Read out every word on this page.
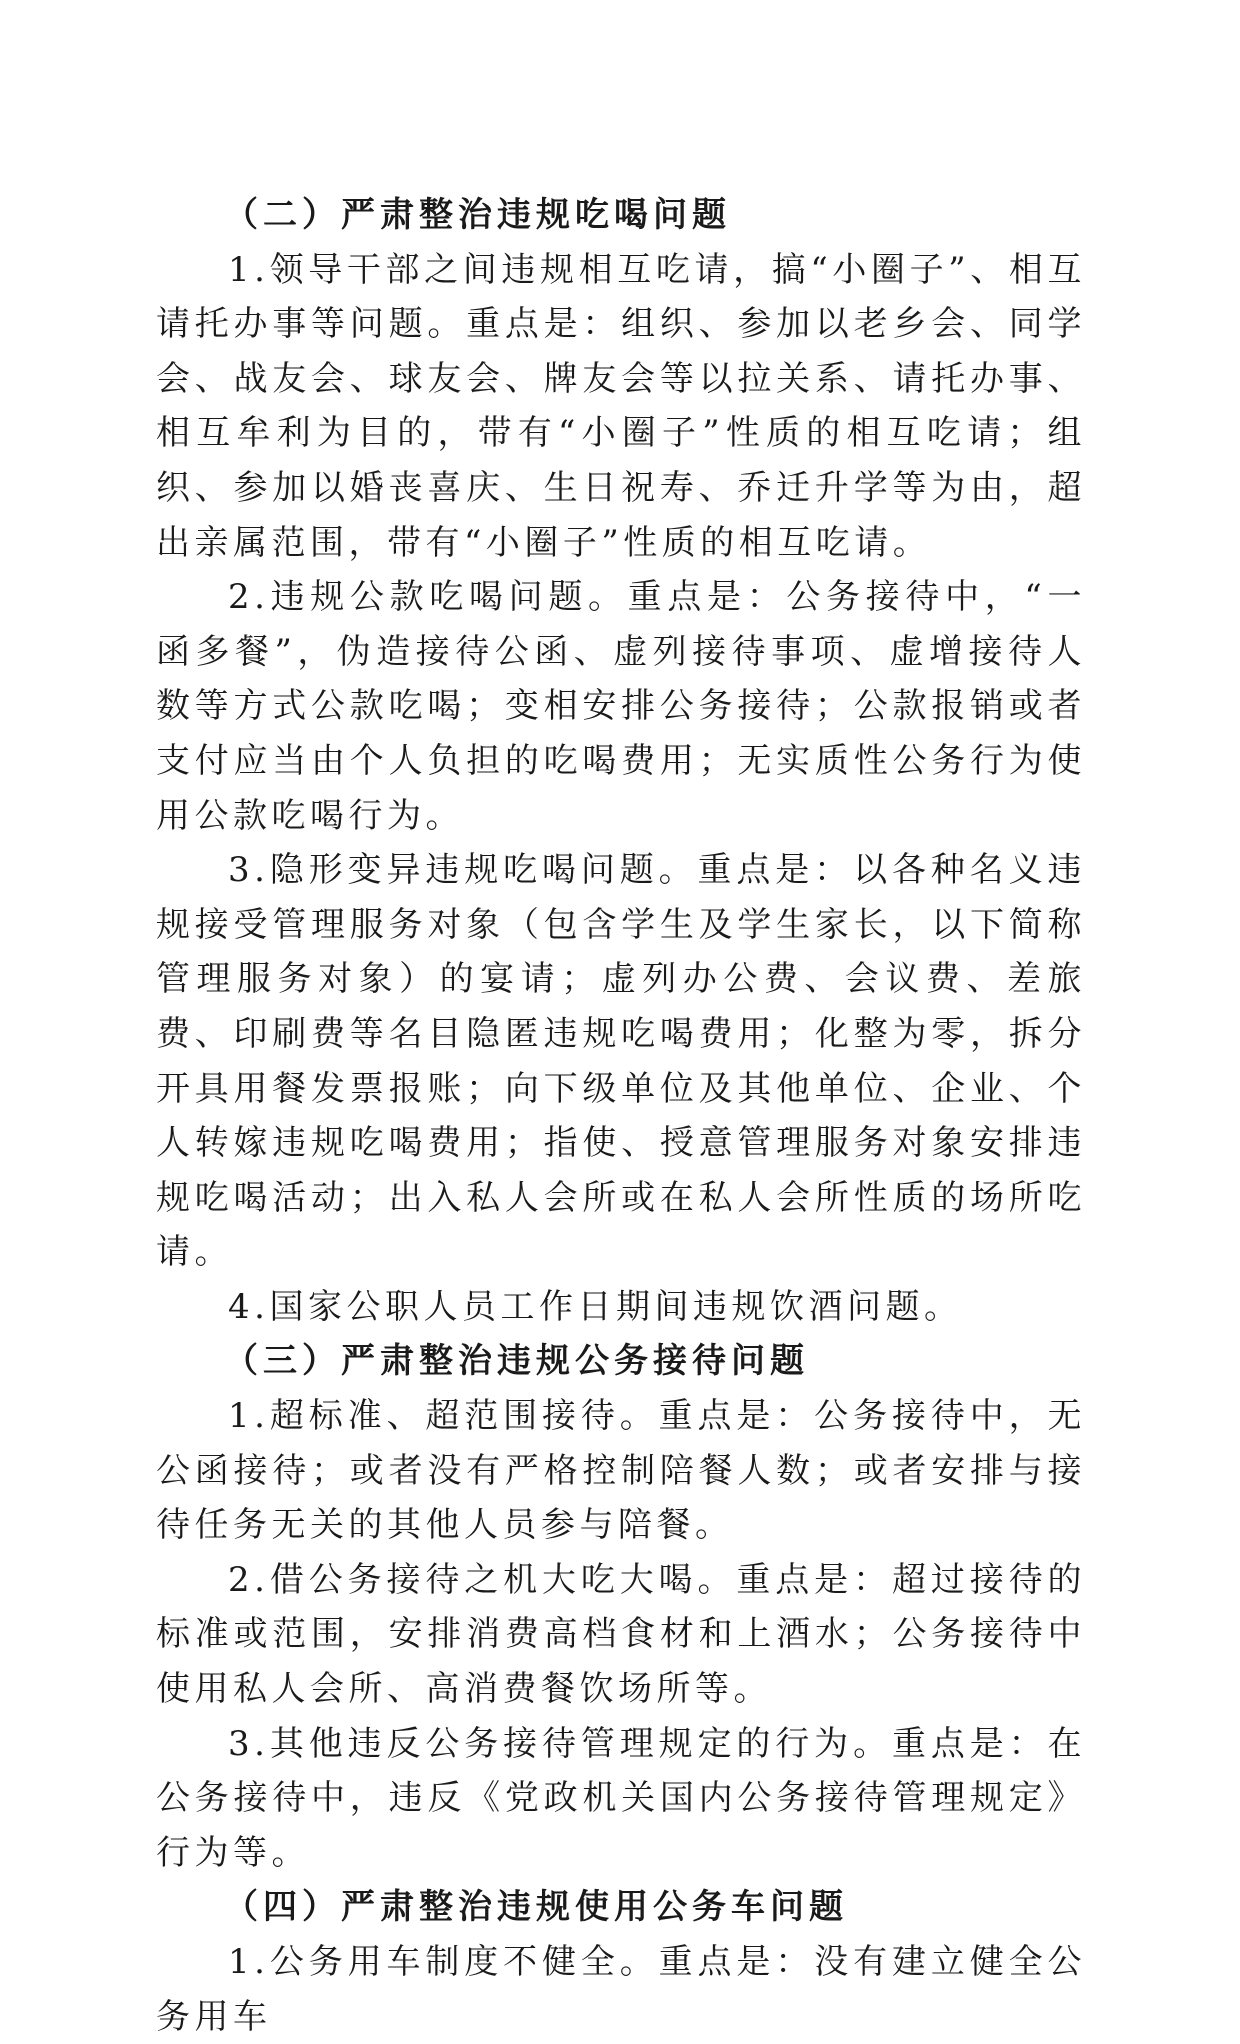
（二）严肃整治违规吃喝问题

1.领导干部之间违规相互吃请，搞“小圈子”、相互请托办事等问题。重点是：组织、参加以老乡会、同学会、战友会、球友会、牌友会等以拉关系、请托办事、相互牟利为目的，带有“小圈子”性质的相互吃请；组织、参加以婚丧喜庆、生日祝寿、乔迁升学等为由，超出亲属范围，带有“小圈子”性质的相互吃请。

2.违规公款吃喝问题。重点是：公务接待中，“一函多餐”，伪造接待公函、虚列接待事项、虚增接待人数等方式公款吃喝；变相安排公务接待；公款报销或者支付应当由个人负担的吃喝费用；无实质性公务行为使用公款吃喝行为。

3.隐形变异违规吃喝问题。重点是：以各种名义违规接受管理服务对象（包含学生及学生家长，以下简称管理服务对象）的宴请；虚列办公费、会议费、差旅费、印刷费等名目隐匿违规吃喝费用；化整为零，拆分开具用餐发票报账；向下级单位及其他单位、企业、个人转嫁违规吃喝费用；指使、授意管理服务对象安排违规吃喝活动；出入私人会所或在私人会所性质的场所吃请。

4.国家公职人员工作日期间违规饮酒问题。

（三）严肃整治违规公务接待问题

1.超标准、超范围接待。重点是：公务接待中，无公函接待；或者没有严格控制陪餐人数；或者安排与接待任务无关的其他人员参与陪餐。

2.借公务接待之机大吃大喝。重点是：超过接待的标准或范围，安排消费高档食材和上酒水；公务接待中使用私人会所、高消费餐饮场所等。

3.其他违反公务接待管理规定的行为。重点是：在公务接待中，违反《党政机关国内公务接待管理规定》行为等。

（四）严肃整治违规使用公务车问题

1.公务用车制度不健全。重点是：没有建立健全公务用车
